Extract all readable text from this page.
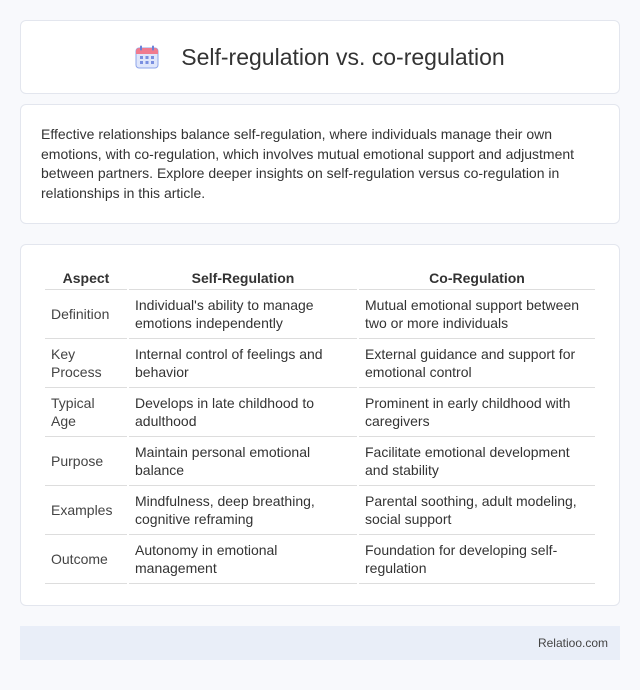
Self-regulation vs. co-regulation

Effective relationships balance self-regulation, where individuals manage their own emotions, with co-regulation, which involves mutual emotional support and adjustment between partners. Explore deeper insights on self-regulation versus co-regulation in relationships in this article.

Aspect	Self-Regulation	Co-Regulation
Definition	Individual's ability to manage emotions independently	Mutual emotional support between two or more individuals
Key Process	Internal control of feelings and behavior	External guidance and support for emotional control
Typical Age	Develops in late childhood to adulthood	Prominent in early childhood with caregivers
Purpose	Maintain personal emotional balance	Facilitate emotional development and stability
Examples	Mindfulness, deep breathing, cognitive reframing	Parental soothing, adult modeling, social support
Outcome	Autonomy in emotional management	Foundation for developing self-regulation
Relatioo.com
